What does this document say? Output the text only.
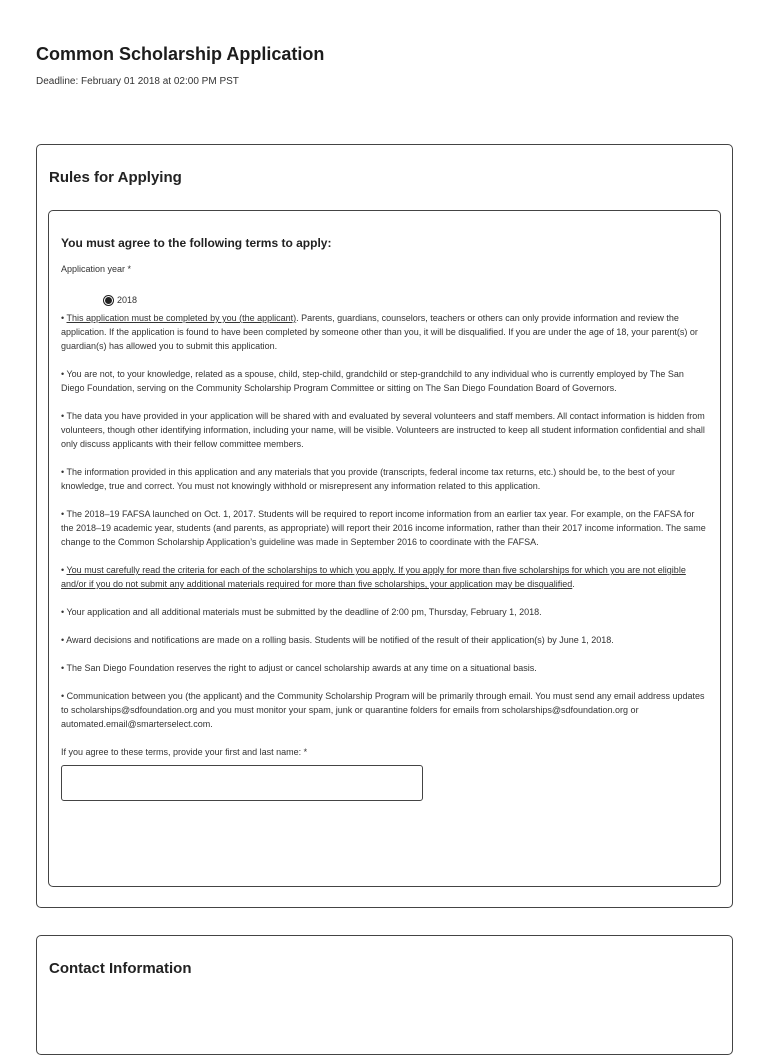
Common Scholarship Application
Deadline: February 01 2018 at 02:00 PM PST
Rules for Applying
You must agree to the following terms to apply:
Application year *
2018

• This application must be completed by you (the applicant). Parents, guardians, counselors, teachers or others can only provide information and review the application. If the application is found to have been completed by someone other than you, it will be disqualified. If you are under the age of 18, your parent(s) or guardian(s) has allowed you to submit this application.

• You are not, to your knowledge, related as a spouse, child, step-child, grandchild or step-grandchild to any individual who is currently employed by The San Diego Foundation, serving on the Community Scholarship Program Committee or sitting on The San Diego Foundation Board of Governors.

• The data you have provided in your application will be shared with and evaluated by several volunteers and staff members. All contact information is hidden from volunteers, though other identifying information, including your name, will be visible. Volunteers are instructed to keep all student information confidential and shall only discuss applicants with their fellow committee members.

• The information provided in this application and any materials that you provide (transcripts, federal income tax returns, etc.) should be, to the best of your knowledge, true and correct. You must not knowingly withhold or misrepresent any information related to this application.

• The 2018–19 FAFSA launched on Oct. 1, 2017. Students will be required to report income information from an earlier tax year. For example, on the FAFSA for the 2018–19 academic year, students (and parents, as appropriate) will report their 2016 income information, rather than their 2017 income information. The same change to the Common Scholarship Application’s guideline was made in September 2016 to coordinate with the FAFSA.

• You must carefully read the criteria for each of the scholarships to which you apply. If you apply for more than five scholarships for which you are not eligible and/or if you do not submit any additional materials required for more than five scholarships, your application may be disqualified.

• Your application and all additional materials must be submitted by the deadline of 2:00 pm, Thursday, February 1, 2018.

• Award decisions and notifications are made on a rolling basis. Students will be notified of the result of their application(s) by June 1, 2018.

• The San Diego Foundation reserves the right to adjust or cancel scholarship awards at any time on a situational basis.

• Communication between you (the applicant) and the Community Scholarship Program will be primarily through email. You must send any email address updates to scholarships@sdfoundation.org and you must monitor your spam, junk or quarantine folders for emails from scholarships@sdfoundation.org or automated.email@smarterselect.com.

If you agree to these terms, provide your first and last name: *
Contact Information
